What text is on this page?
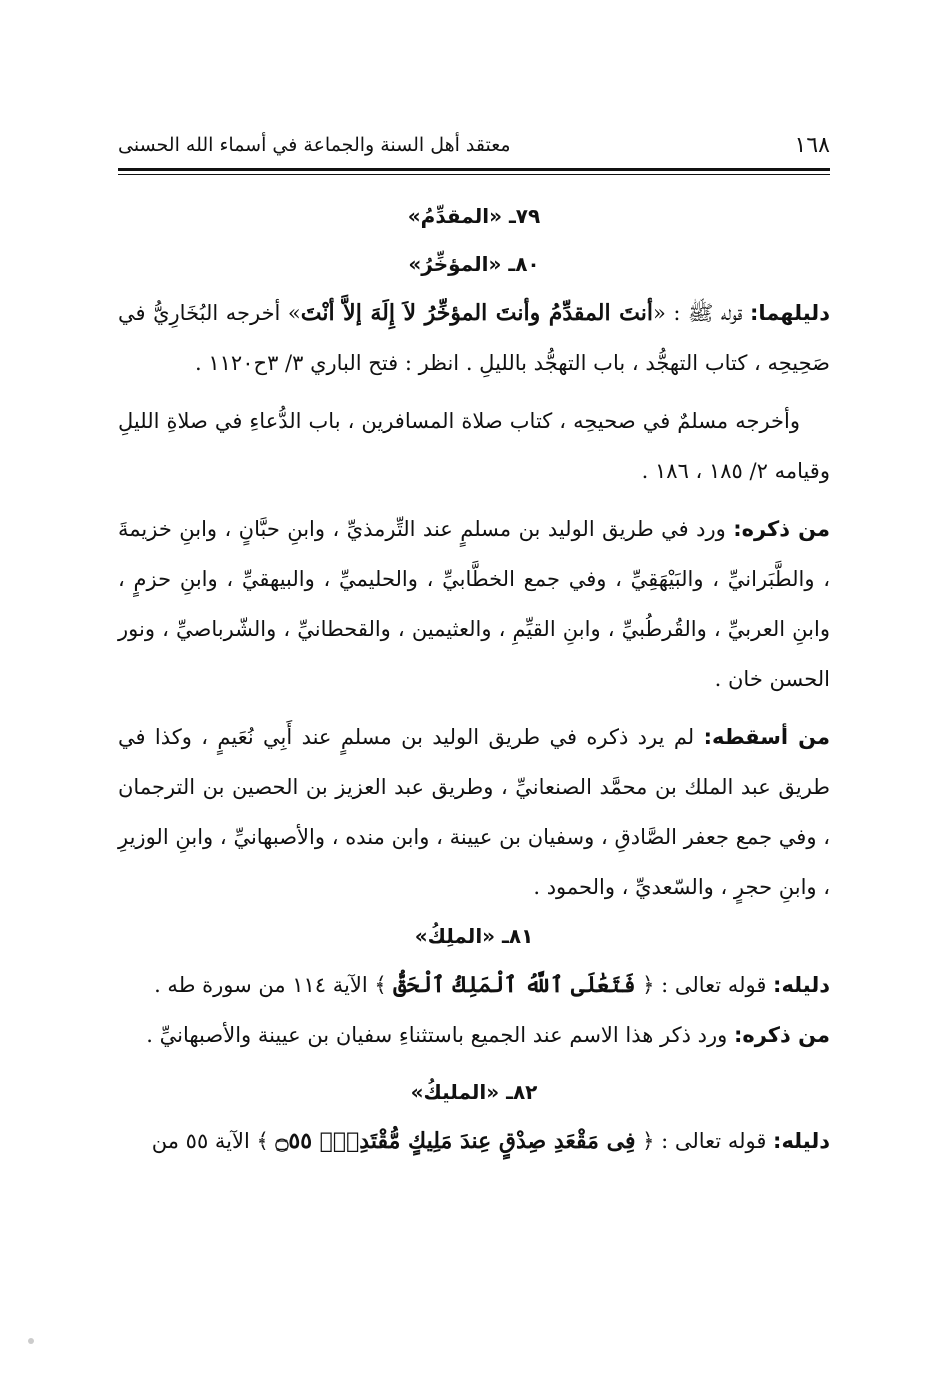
١٦٨
معتقد أهل السنة والجماعة في أسماء الله الحسنى
٧٩ـ «المقدِّمُ»
٨٠ـ «المؤخِّرُ»

دليلهما: قوله ﷺ : «أنتَ المقدِّمُ وأنتَ المؤخِّرُ لاَ إِلَهَ إلاَّ أنْتَ» أخرجه البُخَارِيُّ في صَحِيحِه ، كتاب التهجُّد ، باب التهجُّد بالليلِ . انظر : فتح الباري ٣/ ٣ح١١٢٠ .

وأخرجه مسلمٌ في صحيحِه ، كتاب صلاة المسافرين ، باب الدُّعاءِ في صلاةِ الليلِ وقيامه ٢/ ١٨٥ ، ١٨٦ .

من ذكره: ورد في طريق الوليد بن مسلمٍ عند التِّرمذيِّ ، وابنِ حبَّانٍ ، وابنِ خزيمةَ ، والطَّبَرانيِّ ، والبَيْهَقِيِّ ، وفي جمع الخطَّابيِّ ، والحليميِّ ، والبيهقيِّ ، وابنِ حزمٍ ، وابنِ العربيِّ ، والقُرطُبيِّ ، وابنِ القيِّمِ ، والعثيمين ، والقحطانيِّ ، والشّرباصيِّ ، ونور الحسن خان .

من أسقطه: لم يرد ذكره في طريق الوليد بن مسلمٍ عند أَبِي نُعَيمٍ ، وكذا في طريق عبد الملك بن محمَّد الصنعانيِّ ، وطريق عبد العزيز بن الحصين بن الترجمان ، وفي جمع جعفر الصَّادقِ ، وسفيان بن عيينة ، وابن منده ، والأصبهانيِّ ، وابنِ الوزيرِ ، وابنِ حجرٍ ، والسّعديِّ ، والحمود .

٨١ـ «الملِكُ»

دليله: قوله تعالى : ﴿ فَتَعَٰلَى ٱللَّهُ ٱلْمَلِكُ ٱلْحَقُّ ﴾ الآية ١١٤ من سورة طه .

من ذكره: ورد ذكر هذا الاسم عند الجميع باستثناءِ سفيان بن عيينة والأصبهانيِّ .

٨٢ـ «المليكُ»

دليله: قوله تعالى : ﴿ فِى مَقْعَدِ صِدْقٍ عِندَ مَلِيكٍ مُّقْتَدِرٍۭ ۝٥٥ ﴾ الآية ٥٥ من
